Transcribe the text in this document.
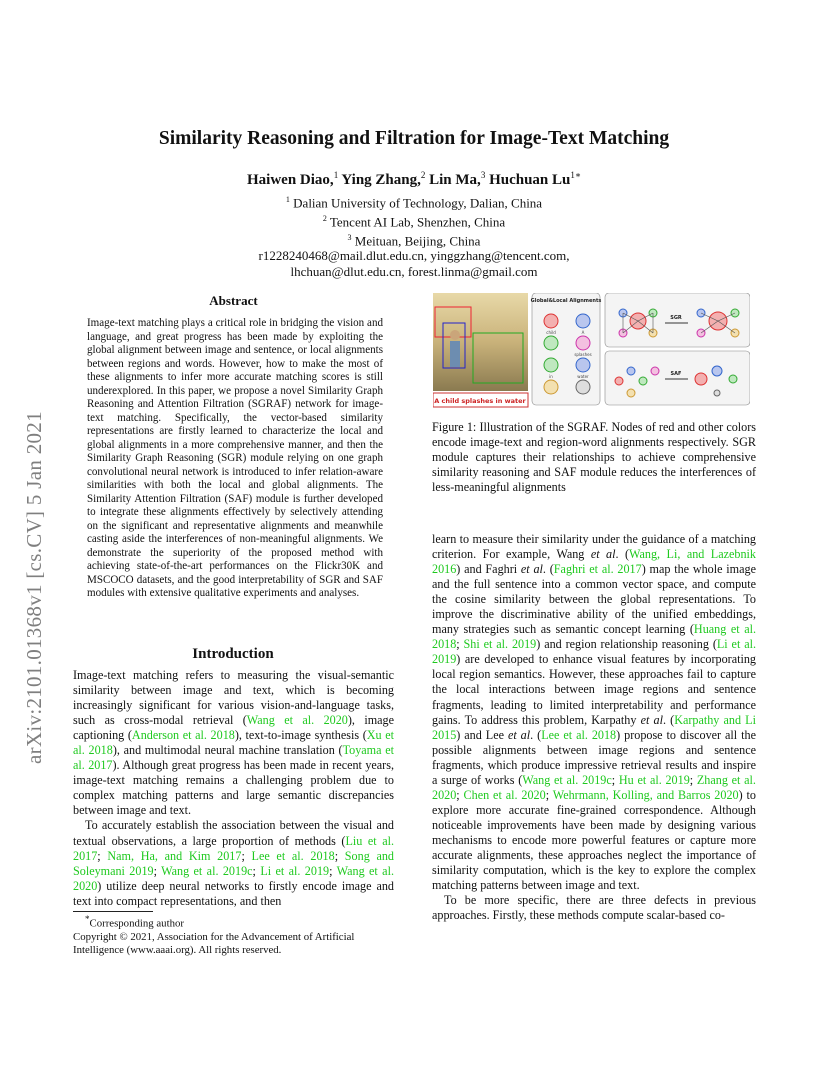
Similarity Reasoning and Filtration for Image-Text Matching
Haiwen Diao,$^1$ Ying Zhang,$^2$ Lin Ma,$^3$ Huchuan $Lu^{1∗}$
$^1$ Dalian University of Technology, Dalian, China
$^2$ Tencent AI Lab, Shenzhen, China
$^3$ Meituan, Beijing, China
r1228240468@mail.dlut.edu.cn, yinggzhang@tencent.com,
lhchuan@dlut.edu.cn, forest.linma@gmail.com
arXiv:2101.01368v1 [cs.CV] 5 Jan 2021
Abstract
Image-text matching plays a critical role in bridging the vision and language, and great progress has been made by exploiting the global alignment between image and sentence, or local alignments between regions and words. However, how to make the most of these alignments to infer more accurate matching scores is still underexplored. In this paper, we propose a novel Similarity Graph Reasoning and Attention Filtration (SGRAF) network for image-text matching. Specifically, the vector-based similarity representations are firstly learned to characterize the local and global alignments in a more comprehensive manner, and then the Similarity Graph Reasoning (SGR) module relying on one graph convolutional neural network is introduced to infer relation-aware similarities with both the local and global alignments. The Similarity Attention Filtration (SAF) module is further developed to integrate these alignments effectively by selectively attending on the significant and representative alignments and meanwhile casting aside the interferences of non-meaningful alignments. We demonstrate the superiority of the proposed method with achieving state-of-the-art performances on the Flickr30K and MSCOCO datasets, and the good interpretability of SGR and SAF modules with extensive qualitative experiments and analyses.
Introduction

Image-text matching refers to measuring the visual-semantic similarity between image and text, which is becoming increasingly significant for various vision-and-language tasks, such as cross-modal retrieval (Wang et al. 2020), image captioning (Anderson et al. 2018), text-to-image synthesis (Xu et al. 2018), and multimodal neural machine translation (Toyama et al. 2017). Although great progress has been made in recent years, image-text matching remains a challenging problem due to complex matching patterns and large semantic discrepancies between image and text.

To accurately establish the association between the visual and textual observations, a large proportion of methods (Liu et al. 2017; Nam, Ha, and Kim 2017; Lee et al. 2018; Song and Soleymani 2019; Wang et al. 2019c; Li et al. 2019; Wang et al. 2020) utilize deep neural networks to firstly encode image and text into compact representations, and then

*Corresponding author
Copyright © 2021, Association for the Advancement of Artificial Intelligence (www.aaai.org). All rights reserved.
A child splashes in water
Global&Local Alignments
child
splashes
in	water
A
SGR
SAF
Figure 1: Illustration of the SGRAF. Nodes of red and other colors encode image-text and region-word alignments respectively. SGR module captures their relationships to achieve comprehensive similarity reasoning and SAF module reduces the interferences of less-meaningful alignments

learn to measure their similarity under the guidance of a matching criterion. For example, Wang et al. (Wang, Li, and Lazebnik 2016) and Faghri et al. (Faghri et al. 2017) map the whole image and the full sentence into a common vector space, and compute the cosine similarity between the global representations. To improve the discriminative ability of the unified embeddings, many strategies such as semantic concept learning (Huang et al. 2018; Shi et al. 2019) and region relationship reasoning (Li et al. 2019) are developed to enhance visual features by incorporating local region semantics. However, these approaches fail to capture the local interactions between image regions and sentence fragments, leading to limited interpretability and performance gains. To address this problem, Karpathy et al. (Karpathy and Li 2015) and Lee et al. (Lee et al. 2018) propose to discover all the possible alignments between image regions and sentence fragments, which produce impressive retrieval results and inspire a surge of works (Wang et al. 2019c; Hu et al. 2019; Zhang et al. 2020; Chen et al. 2020; Wehrmann, Kolling, and Barros 2020) to explore more accurate fine-grained correspondence. Although noticeable improvements have been made by designing various mechanisms to encode more powerful features or capture more accurate alignments, these approaches neglect the importance of similarity computation, which is the key to explore the complex matching patterns between image and text.

To be more specific, there are three defects in previous approaches. Firstly, these methods compute scalar-based co-
